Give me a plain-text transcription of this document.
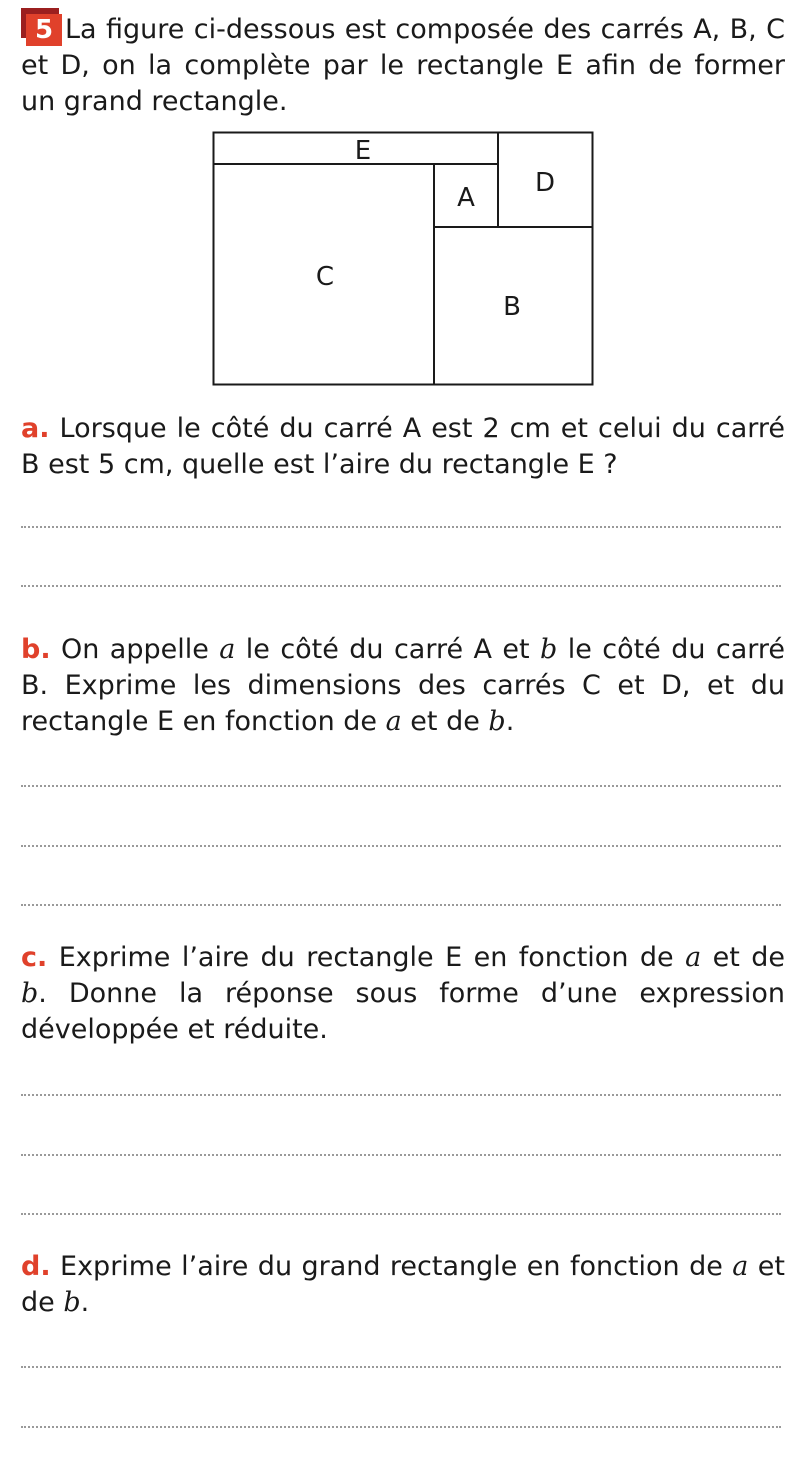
5 La figure ci-dessous est composée des carrés A, B, C et D, on la complète par le rectangle E afin de former un grand rectangle.

E
A D
C
B

a. Lorsque le côté du carré A est 2 cm et celui du carré B est 5 cm, quelle est l’aire du rectangle E ?

b. On appelle a le côté du carré A et b le côté du carré B. Exprime les dimensions des carrés C et D, et du rectangle E en fonction de a et de b.

c. Exprime l’aire du rectangle E en fonction de a et de b. Donne la réponse sous forme d’une expression développée et réduite.

d. Exprime l’aire du grand rectangle en fonction de a et de b.
